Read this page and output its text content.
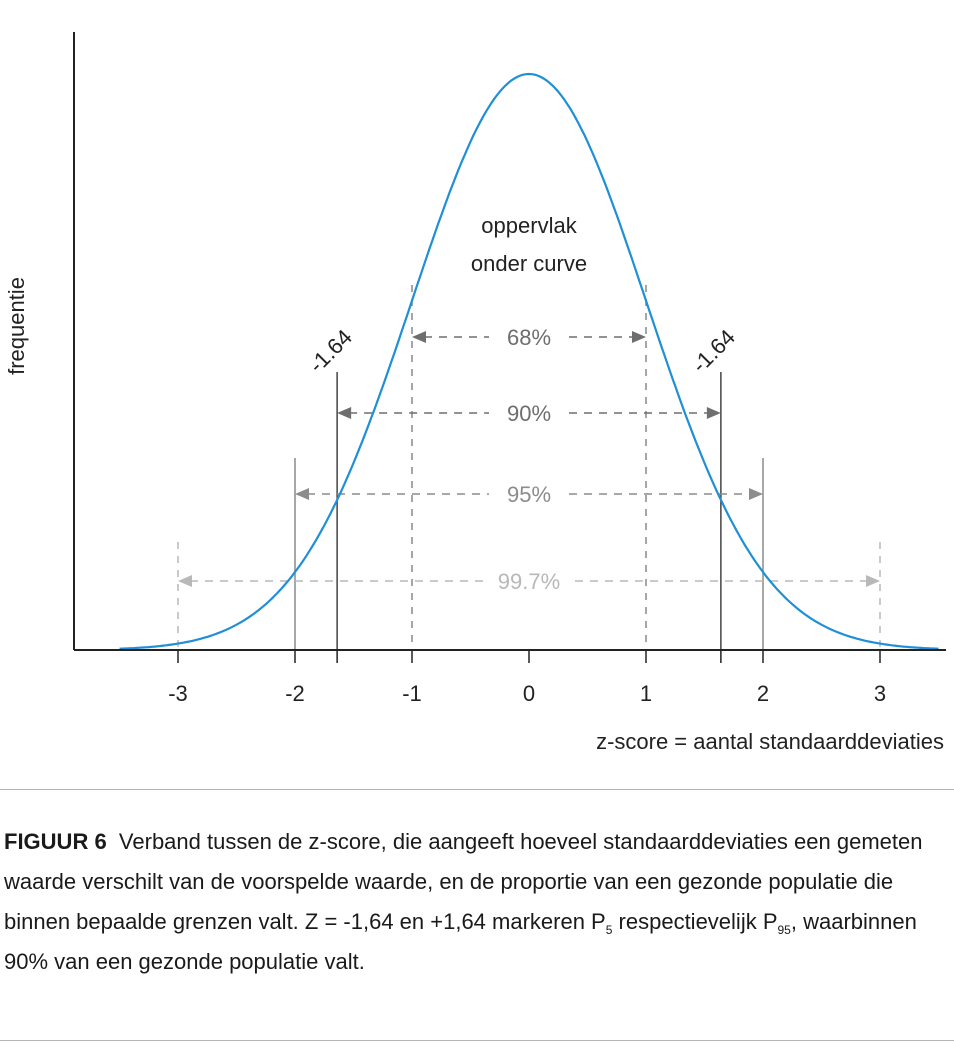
68%
90%
95%
99.7%
-3	-2	-1	0	1	2	3
frequentie
z-score = aantal standaarddeviaties
oppervlak
onder curve
-1.64	-1.64

FIGUUR 6 Verband tussen de z-score, die aangeeft hoeveel standaarddeviaties een gemeten waarde verschilt van de voorspelde waarde, en de proportie van een gezonde populatie die binnen bepaalde grenzen valt. Z = -1,64 en +1,64 markeren $P_5$ respectievelijk $P_{95}$, waarbinnen 90% van een gezonde populatie valt.
